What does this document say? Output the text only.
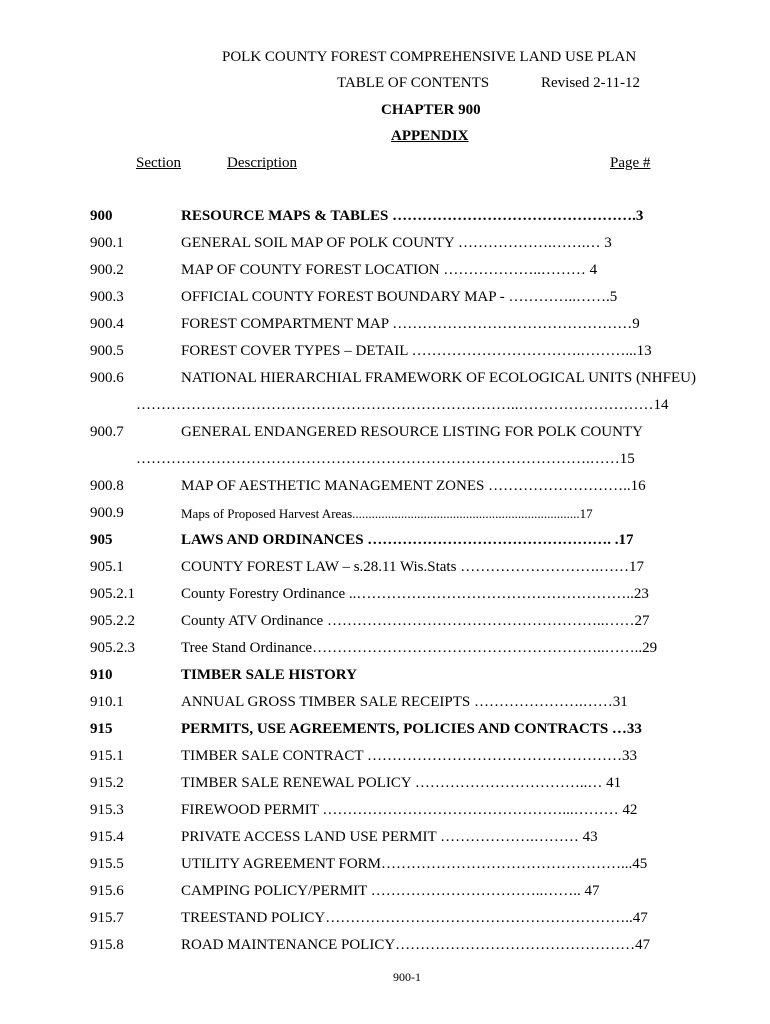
POLK COUNTY FOREST COMPREHENSIVE LAND USE PLAN
TABLE OF CONTENTS	Revised 2-11-12
CHAPTER 900
APPENDIX
Section	Description	Page #
900	RESOURCE MAPS & TABLES ………………………………………….3
900.1	GENERAL SOIL MAP OF POLK COUNTY ……………….…….… 3
900.2	MAP OF COUNTY FOREST LOCATION ………………..……… 4
900.3	OFFICIAL COUNTY FOREST BOUNDARY MAP - …………..…….5
900.4	FOREST COMPARTMENT MAP …………………………………………9
900.5	FOREST COVER TYPES – DETAIL …………………………….………...13
900.6	NATIONAL HIERARCHIAL FRAMEWORK OF ECOLOGICAL UNITS (NHFEU)
…………………………………………………………………..………………………14
900.7	GENERAL ENDANGERED RESOURCE LISTING FOR POLK COUNTY
……………………………………………………………………………….……15
900.8	MAP OF AESTHETIC MANAGEMENT ZONES ………………………..16
900.9	Maps of Proposed Harvest Areas......................................................................17
905	LAWS AND ORDINANCES …………………………………………. .17
905.1	COUNTY FOREST LAW – s.28.11 Wis.Stats ……………………….……17
905.2.1	County Forestry Ordinance ..………………………………………………..23
905.2.2	County ATV Ordinance ………………………………………………..……27
905.2.3	Tree Stand Ordinance…………………………………………………..……..29
910	TIMBER SALE HISTORY
910.1	ANNUAL GROSS TIMBER SALE RECEIPTS ………………….……31
915	PERMITS, USE AGREEMENTS, POLICIES AND CONTRACTS …33
915.1	TIMBER SALE CONTRACT ……………………………………………33
915.2	TIMBER SALE RENEWAL POLICY ……………………………..… 41
915.3	FIREWOOD PERMIT …………………………………………...……… 42
915.4	PRIVATE ACCESS LAND USE PERMIT ……………….……… 43
915.5	UTILITY AGREEMENT FORM…………………………………………...45
915.6	CAMPING POLICY/PERMIT ……………………………..…….. 47
915.7	TREESTAND POLICY……………………………………………………..47
915.8	ROAD MAINTENANCE POLICY…………………………………………47
900-1
